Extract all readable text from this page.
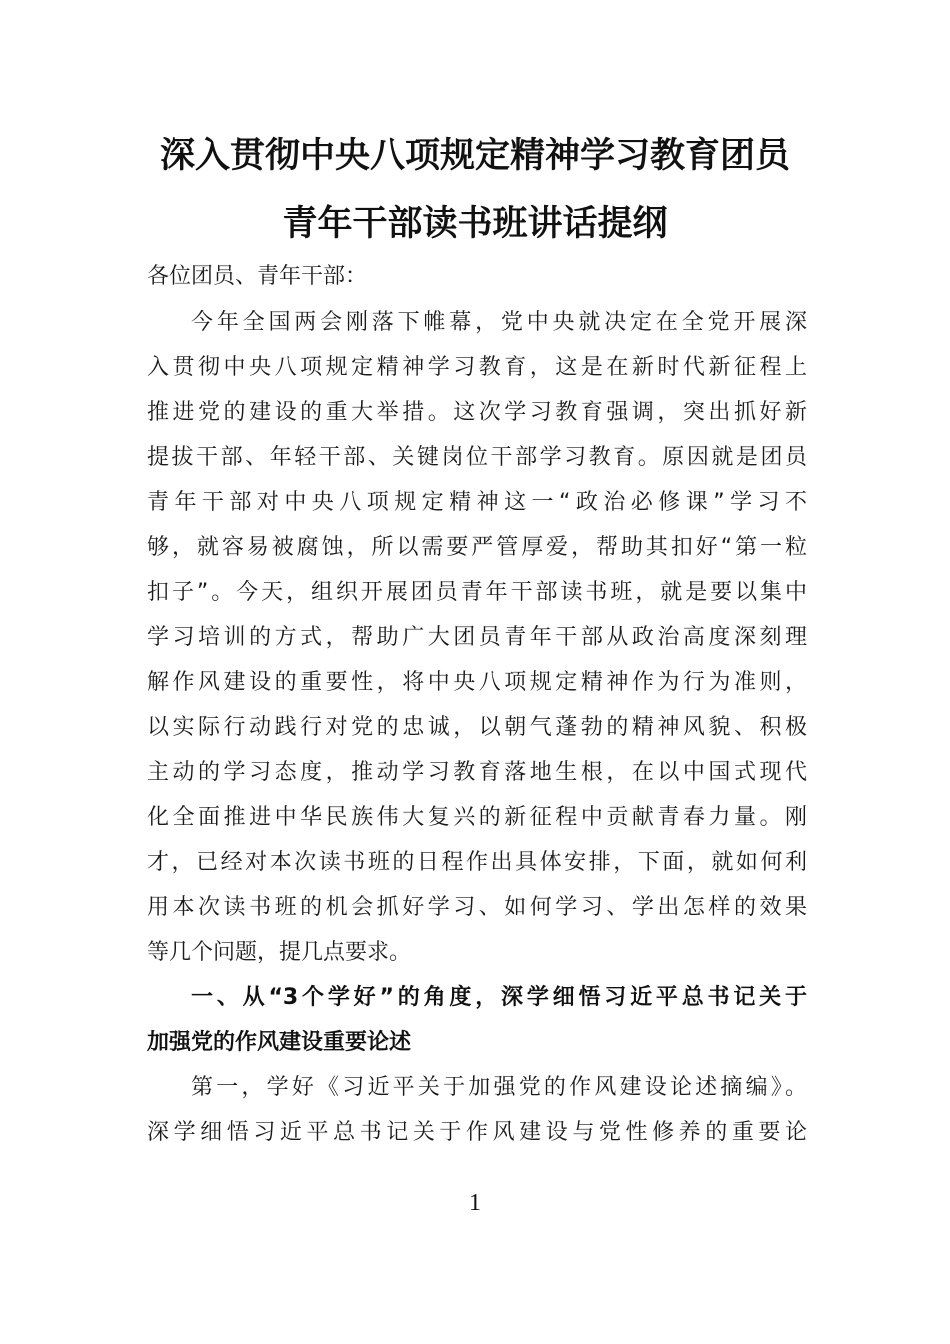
深入贯彻中央八项规定精神学习教育团员
青年干部读书班讲话提纲
各位团员、青年干部：
今年全国两会刚落下帷幕，党中央就决定在全党开展深
入贯彻中央八项规定精神学习教育，这是在新时代新征程上
推进党的建设的重大举措。这次学习教育强调，突出抓好新
提拔干部、年轻干部、关键岗位干部学习教育。原因就是团员
青年干部对中央八项规定精神这一“政治必修课”学习不
够，就容易被腐蚀，所以需要严管厚爱，帮助其扣好“第一粒
扣子”。今天，组织开展团员青年干部读书班，就是要以集中
学习培训的方式，帮助广大团员青年干部从政治高度深刻理
解作风建设的重要性，将中央八项规定精神作为行为准则，
以实际行动践行对党的忠诚，以朝气蓬勃的精神风貌、积极
主动的学习态度，推动学习教育落地生根，在以中国式现代
化全面推进中华民族伟大复兴的新征程中贡献青春力量。刚
才，已经对本次读书班的日程作出具体安排，下面，就如何利
用本次读书班的机会抓好学习、如何学习、学出怎样的效果
等几个问题，提几点要求。
一、从“3个学好”的角度，深学细悟习近平总书记关于
加强党的作风建设重要论述
第一，学好《习近平关于加强党的作风建设论述摘编》。
深学细悟习近平总书记关于作风建设与党性修养的重要论
1
